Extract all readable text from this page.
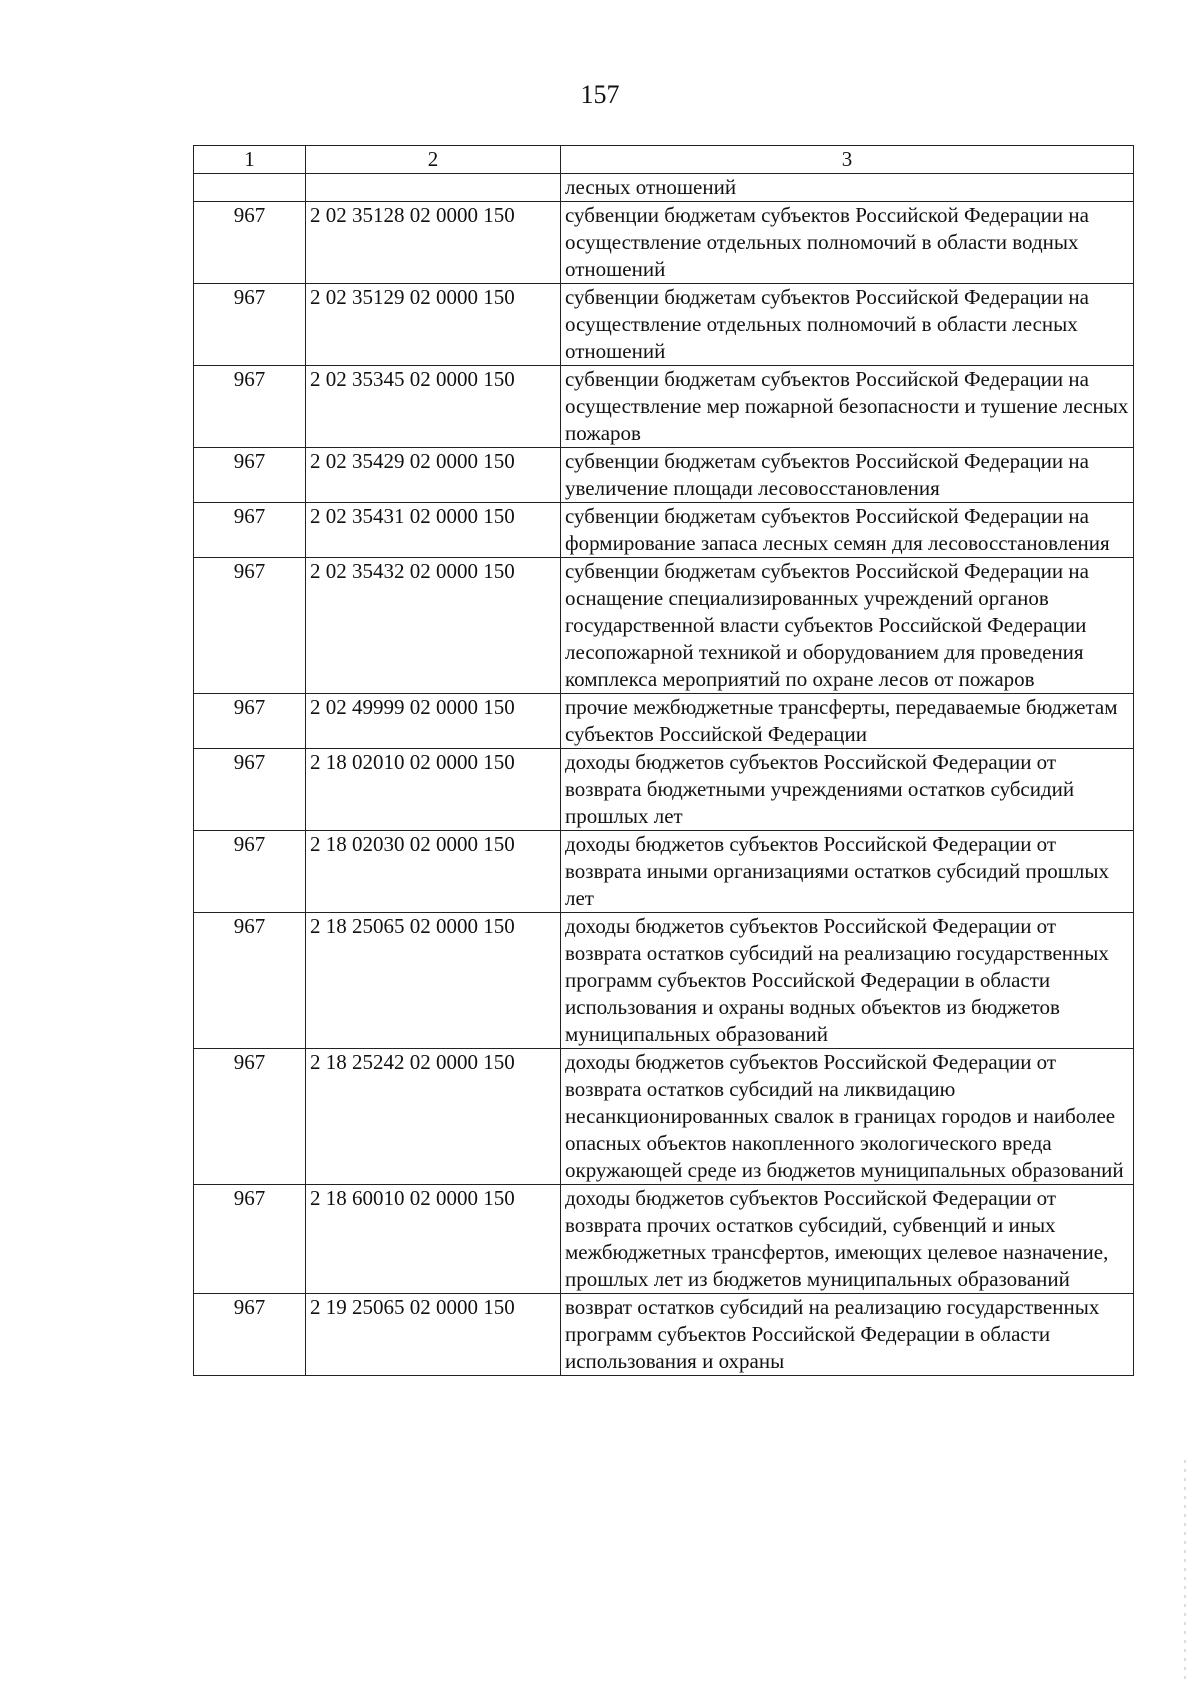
157
1	2	3
		лесных отношений
967	2 02 35128 02 0000 150	субвенции бюджетам субъектов Российской Федерации на осуществление отдельных полномочий в области водных отношений
967	2 02 35129 02 0000 150	субвенции бюджетам субъектов Российской Федерации на осуществление отдельных полномочий в области лесных отношений
967	2 02 35345 02 0000 150	субвенции бюджетам субъектов Российской Федерации на осуществление мер пожарной безопасности и тушение лесных пожаров
967	2 02 35429 02 0000 150	субвенции бюджетам субъектов Российской Федерации на увеличение площади лесовосстановления
967	2 02 35431 02 0000 150	субвенции бюджетам субъектов Российской Федерации на формирование запаса лесных семян для лесовосстановления
967	2 02 35432 02 0000 150	субвенции бюджетам субъектов Российской Федерации на оснащение специализированных учреждений органов государственной власти субъектов Российской Федерации лесопожарной техникой и оборудованием для проведения комплекса мероприятий по охране лесов от пожаров
967	2 02 49999 02 0000 150	прочие межбюджетные трансферты, передаваемые бюджетам субъектов Российской Федерации
967	2 18 02010 02 0000 150	доходы бюджетов субъектов Российской Федерации от возврата бюджетными учреждениями остатков субсидий прошлых лет
967	2 18 02030 02 0000 150	доходы бюджетов субъектов Российской Федерации от возврата иными организациями остатков субсидий прошлых лет
967	2 18 25065 02 0000 150	доходы бюджетов субъектов Российской Федерации от возврата остатков субсидий на реализацию государственных программ субъектов Российской Федерации в области использования и охраны водных объектов из бюджетов муниципальных образований
967	2 18 25242 02 0000 150	доходы бюджетов субъектов Российской Федерации от возврата остатков субсидий на ликвидацию несанкционированных свалок в границах городов и наиболее опасных объектов накопленного экологического вреда окружающей среде из бюджетов муниципальных образований
967	2 18 60010 02 0000 150	доходы бюджетов субъектов Российской Федерации от возврата прочих остатков субсидий, субвенций и иных межбюджетных трансфертов, имеющих целевое назначение, прошлых лет из бюджетов муниципальных образований
967	2 19 25065 02 0000 150	возврат остатков субсидий на реализацию государственных программ субъектов Российской Федерации в области использования и охраны
